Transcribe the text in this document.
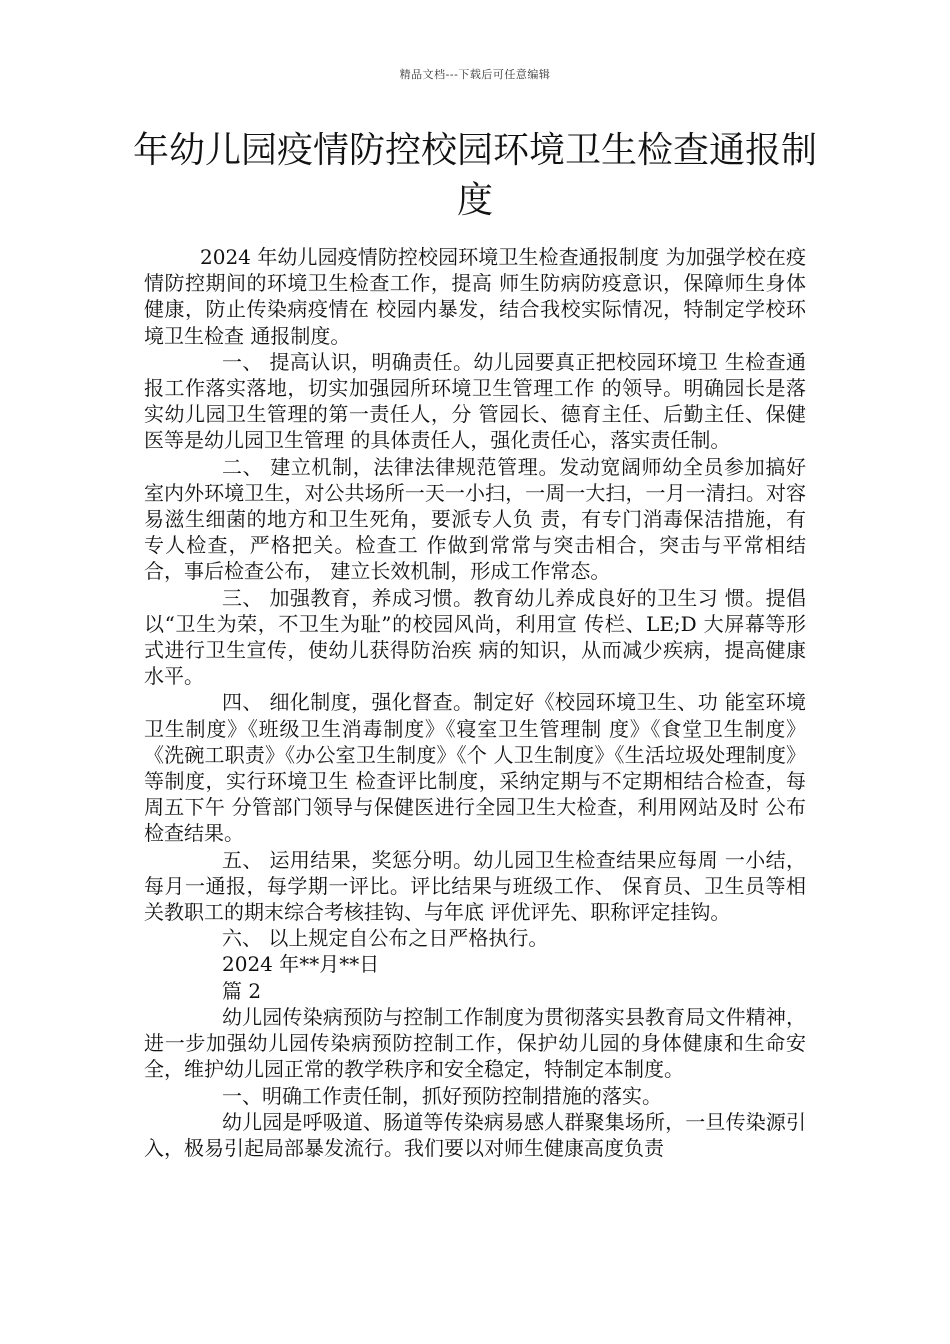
精品文档---下载后可任意编辑
年幼儿园疫情防控校园环境卫生检查通报制度

2024 年幼儿园疫情防控校园环境卫生检查通报制度 为加强学校在疫情防控期间的环境卫生检查工作，提高 师生防病防疫意识，保障师生身体健康，防止传染病疫情在 校园内暴发，结合我校实际情况，特制定学校环境卫生检查 通报制度。

一、 提高认识，明确责任。幼儿园要真正把校园环境卫 生检查通报工作落实落地，切实加强园所环境卫生管理工作 的领导。明确园长是落实幼儿园卫生管理的第一责任人，分 管园长、德育主任、后勤主任、保健医等是幼儿园卫生管理 的具体责任人，强化责任心，落实责任制。

二、 建立机制，法律法律规范管理。发动宽阔师幼全员参加搞好 室内外环境卫生，对公共场所一天一小扫，一周一大扫，一月一清扫。对容易滋生细菌的地方和卫生死角，要派专人负 责，有专门消毒保洁措施，有专人检查，严格把关。检查工 作做到常常与突击相合，突击与平常相结合，事后检查公布， 建立长效机制，形成工作常态。

三、 加强教育，养成习惯。教育幼儿养成良好的卫生习 惯。提倡以“卫生为荣，不卫生为耻”的校园风尚，利用宣 传栏、LE;D 大屏幕等形式进行卫生宣传，使幼儿获得防治疾 病的知识，从而减少疾病，提高健康水平。

四、 细化制度，强化督查。制定好《校园环境卫生、功 能室环境卫生制度》《班级卫生消毒制度》《寝室卫生管理制 度》《食堂卫生制度》《洗碗工职责》《办公室卫生制度》《个 人卫生制度》《生活垃圾处理制度》等制度，实行环境卫生 检查评比制度，采纳定期与不定期相结合检查，每周五下午 分管部门领导与保健医进行全园卫生大检查，利用网站及时 公布检查结果。

五、 运用结果，奖惩分明。幼儿园卫生检查结果应每周 一小结，每月一通报，每学期一评比。评比结果与班级工作、 保育员、卫生员等相关教职工的期末综合考核挂钩、与年底 评优评先、职称评定挂钩。

六、 以上规定自公布之日严格执行。

2024 年**月**日

篇 2

幼儿园传染病预防与控制工作制度为贯彻落实县教育局文件精神，进一步加强幼儿园传染病预防控制工作，保护幼儿园的身体健康和生命安全，维护幼儿园正常的教学秩序和安全稳定，特制定本制度。

一、明确工作责任制，抓好预防控制措施的落实。

幼儿园是呼吸道、肠道等传染病易感人群聚集场所，一旦传染源引入，极易引起局部暴发流行。我们要以对师生健康高度负责
